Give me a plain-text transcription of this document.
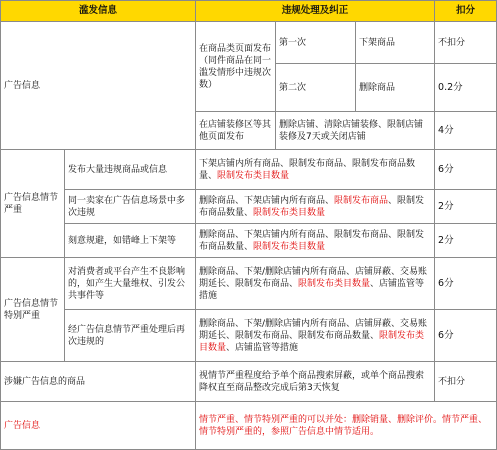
滥发信息		违规处理及纠正			扣分
广告信息		在商品类页面发布（同件商品在同一滥发情形中违规次数）	第一次	下架商品	不扣分
			第二次	删除商品	0.2分
		在店铺装修区等其他页面发布	删除店铺、清除店铺装修、限制店铺装修及7天或关闭店铺		4分
广告信息情节严重	发布大量违规商品或信息	下架店铺内所有商品、限制发布商品、限制发布商品数量、限制发布类目数量			6分
	同一卖家在广告信息场景中多次违规	删除商品、下架店铺内所有商品、限制发布商品、限制发布商品数量、限制发布类目数量			2分
	刻意规避，如错峰上下架等	删除商品、下架店铺内所有商品、限制发布商品、限制发布商品数量、限制发布类目数量			2分
广告信息情节特别严重	对消费者或平台产生不良影响的，如产生大量维权、引发公共事件等	删除商品、下架/删除店铺内所有商品、店铺屏蔽、交易账期延长、限制发布商品、限制发布类目数量、店铺监管等措施			6分
	经广告信息情节严重处理后再次违规的	删除商品、下架/删除店铺内所有商品、店铺屏蔽、交易账期延长、限制发布商品、限制发布商品数量、限制发布类目数量、店铺监管等措施			6分
涉嫌广告信息的商品		视情节严重程度给予单个商品搜索屏蔽，或单个商品搜索降权直至商品整改完成后第3天恢复			不扣分
广告信息		情节严重、情节特别严重的可以并处：删除销量、删除评价。情节严重、情节特别严重的，参照广告信息中情节适用。			
